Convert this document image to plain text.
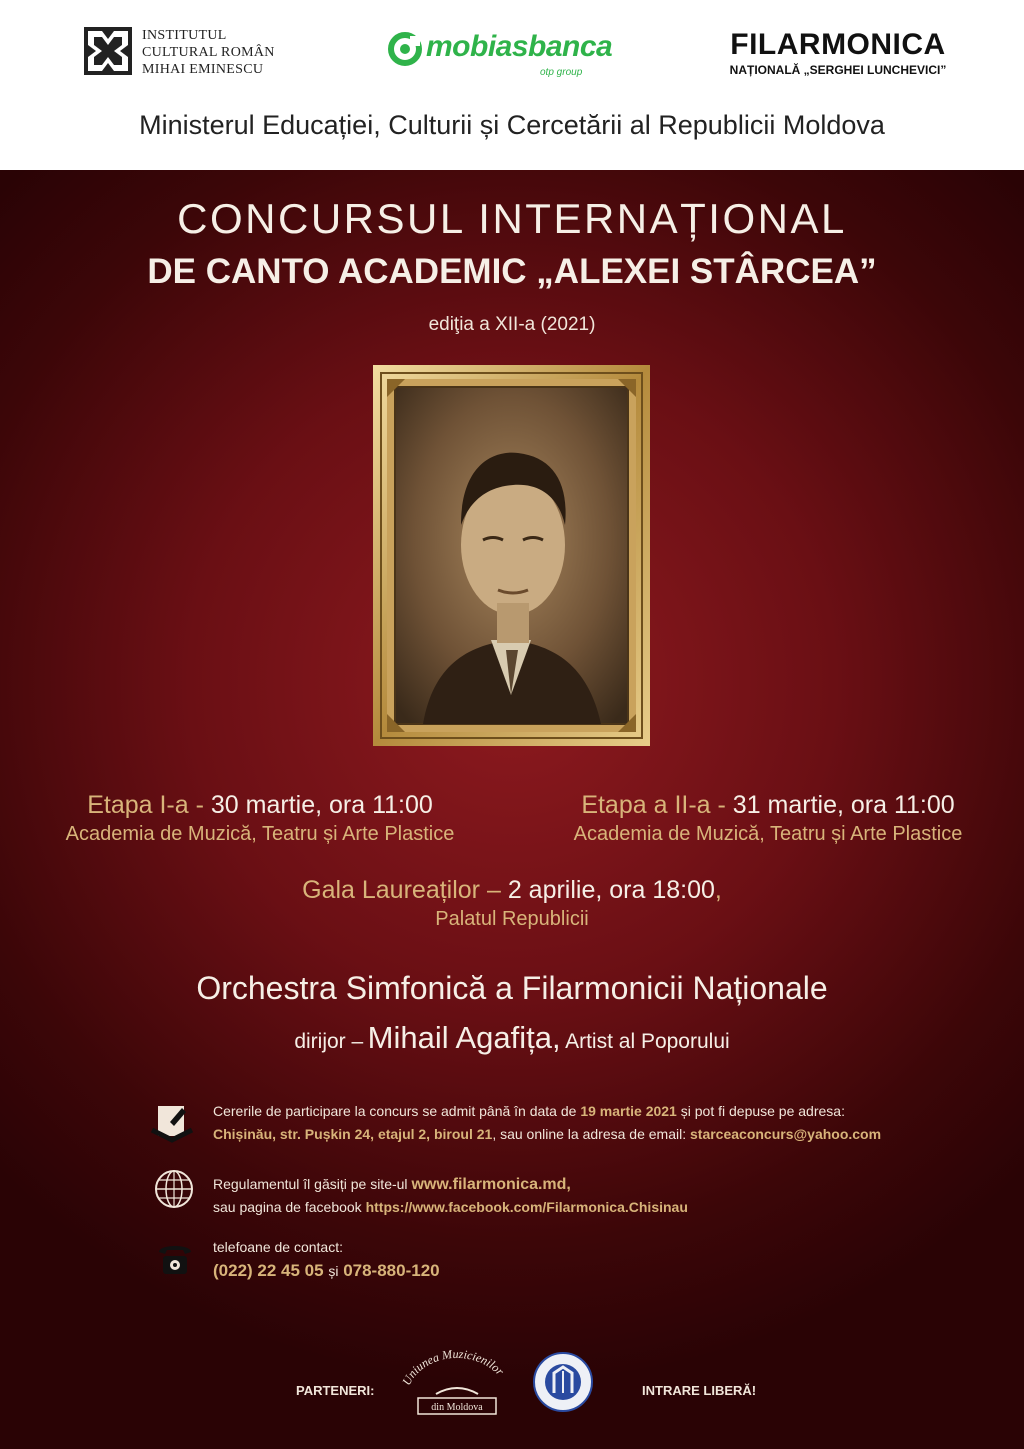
INSTITUTUL
CULTURAL ROMÂN
MIHAI EMINESCU
mobiasbanca
otp group
FILARMONICA
NAȚIONALĂ „SERGHEI LUNCHEVICI”
Ministerul Educației, Culturii și Cercetării al Republicii Moldova
CONCURSUL INTERNAȚIONAL
DE CANTO ACADEMIC „ALEXEI STÂRCEA”
ediţia a XII-a (2021)
Etapa I-a - 30 martie, ora 11:00
Academia de Muzică, Teatru și Arte Plastice
Etapa a II-a - 31 martie, ora 11:00
Academia de Muzică, Teatru și Arte Plastice
Gala Laureaților – 2 aprilie, ora 18:00,
Palatul Republicii
Orchestra Simfonică a Filarmonicii Naționale
dirijor – Mihail Agafița, Artist al Poporului
Cererile de participare la concurs se admit până în data de 19 martie 2021 și pot fi depuse pe adresa:
Chișinău, str. Pușkin 24, etajul 2, biroul 21, sau online la adresa de email: starceaconcurs@yahoo.com
Regulamentul îl găsiți pe site-ul www.filarmonica.md,
sau pagina de facebook https://www.facebook.com/Filarmonica.Chisinau
telefoane de contact:
(022) 22 45 05 și 078-880-120
PARTENERI:
Uniunea Muzicienilor
din Moldova
INTRARE LIBERĂ!
